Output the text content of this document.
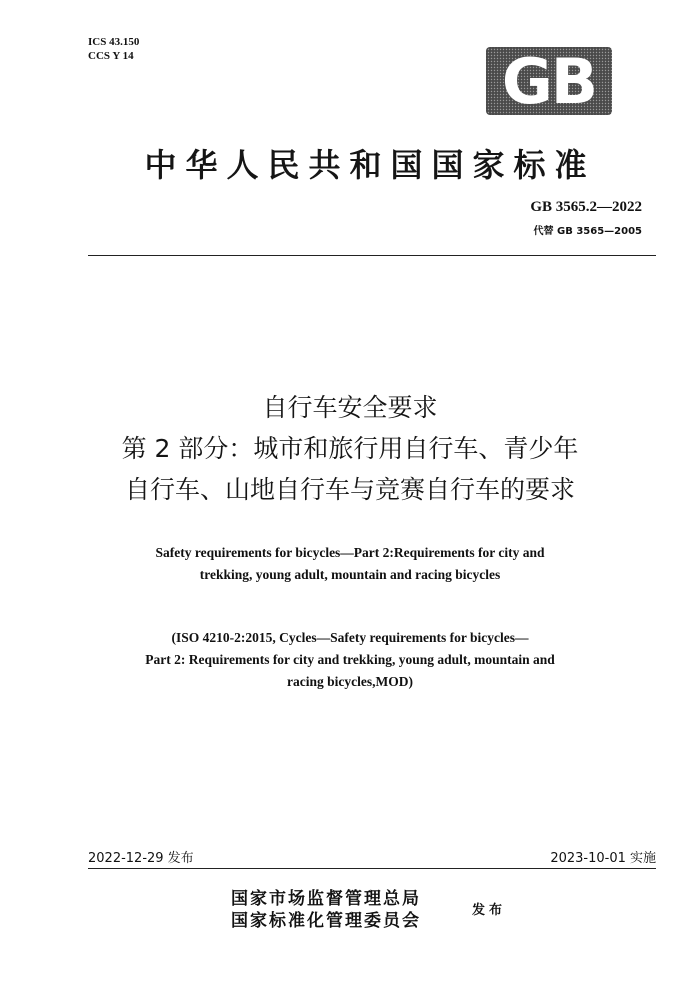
ICS 43.150
CCS Y 14	GB
中华人民共和国国家标准
GB 3565.2—2022
代替 GB 3565—2005
自行车安全要求
第 2 部分：城市和旅行用自行车、青少年
自行车、山地自行车与竞赛自行车的要求
Safety requirements for bicycles—Part 2:Requirements for city and
trekking, young adult, mountain and racing bicycles
(ISO 4210-2:2015, Cycles—Safety requirements for bicycles—
Part 2: Requirements for city and trekking, young adult, mountain and
racing bicycles,MOD)
2022-12-29 发布	2023-10-01 实施
国家市场监督管理总局
国家标准化管理委员会
发布
